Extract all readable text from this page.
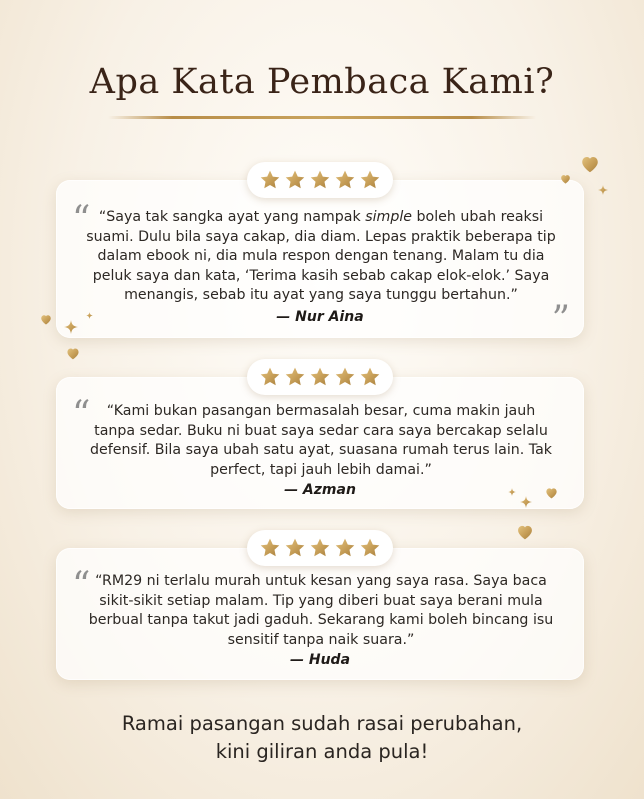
Apa Kata Pembaca Kami?
“ “Saya tak sangka ayat yang nampak simple boleh ubah reaksi suami. Dulu bila saya cakap, dia diam. Lepas praktik beberapa tip dalam ebook ni, dia mula respon dengan tenang. Malam tu dia peluk saya dan kata, ‘Terima kasih sebab cakap elok-elok.’ Saya menangis, sebab itu ayat yang saya tunggu bertahun.”

— Nur Aina	”
“	“Kami bukan pasangan bermasalah besar, cuma makin jauh tanpa sedar. Buku ni buat saya sedar cara saya bercakap selalu defensif. Bila saya ubah satu ayat, suasana rumah terus lain. Tak perfect, tapi jauh lebih damai.”

— Azman
“ “RM29 ni terlalu murah untuk kesan yang saya rasa. Saya baca sikit-sikit setiap malam. Tip yang diberi buat saya berani mula berbual tanpa takut jadi gaduh. Sekarang kami boleh bincang isu sensitif tanpa naik suara.”

— Huda
Ramai pasangan sudah rasai perubahan,
kini giliran anda pula!
